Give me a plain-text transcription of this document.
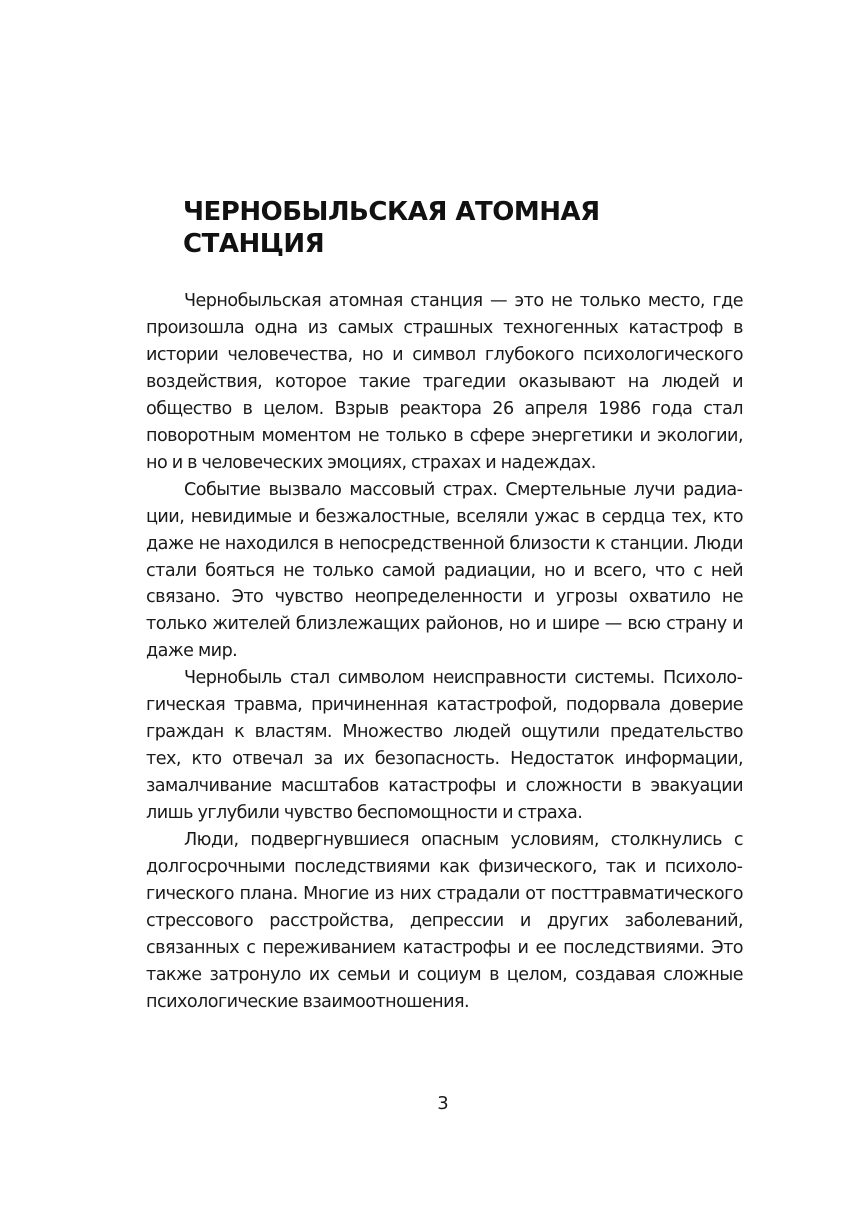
ЧЕРНОБЫЛЬСКАЯ АТОМНАЯ
СТАНЦИЯ

Чернобыльская атомная станция — это не только место, где произошла одна из самых страшных техногенных катастроф в истории человечества, но и символ глубокого психологического воздействия, которое такие трагедии оказывают на людей и общество в целом. Взрыв реактора 26 апреля 1986 года стал поворотным моментом не только в сфере энергетики и экологии, но и в человеческих эмоциях, страхах и надеждах.

Событие вызвало массовый страх. Смертельные лучи радиации, невидимые и безжалостные, вселяли ужас в сердца тех, кто даже не находился в непосредственной близости к станции. Люди стали бояться не только самой радиации, но и всего, что с ней связано. Это чувство неопределенности и угрозы охватило не только жителей близлежащих районов, но и шире — всю страну и даже мир.

Чернобыль стал символом неисправности системы. Психологическая травма, причиненная катастрофой, подорвала доверие граждан к властям. Множество людей ощутили предательство тех, кто отвечал за их безопасность. Недостаток информации, замалчивание масштабов катастрофы и сложности в эвакуации лишь углубили чувство беспомощности и страха.

Люди, подвергнувшиеся опасным условиям, столкнулись с долгосрочными последствиями как физического, так и психологического плана. Многие из них страдали от посттравматического стрессового расстройства, депрессии и других заболеваний, связанных с переживанием катастрофы и ее последствиями. Это также затронуло их семьи и социум в целом, создавая сложные психологические взаимоотношения.

3
